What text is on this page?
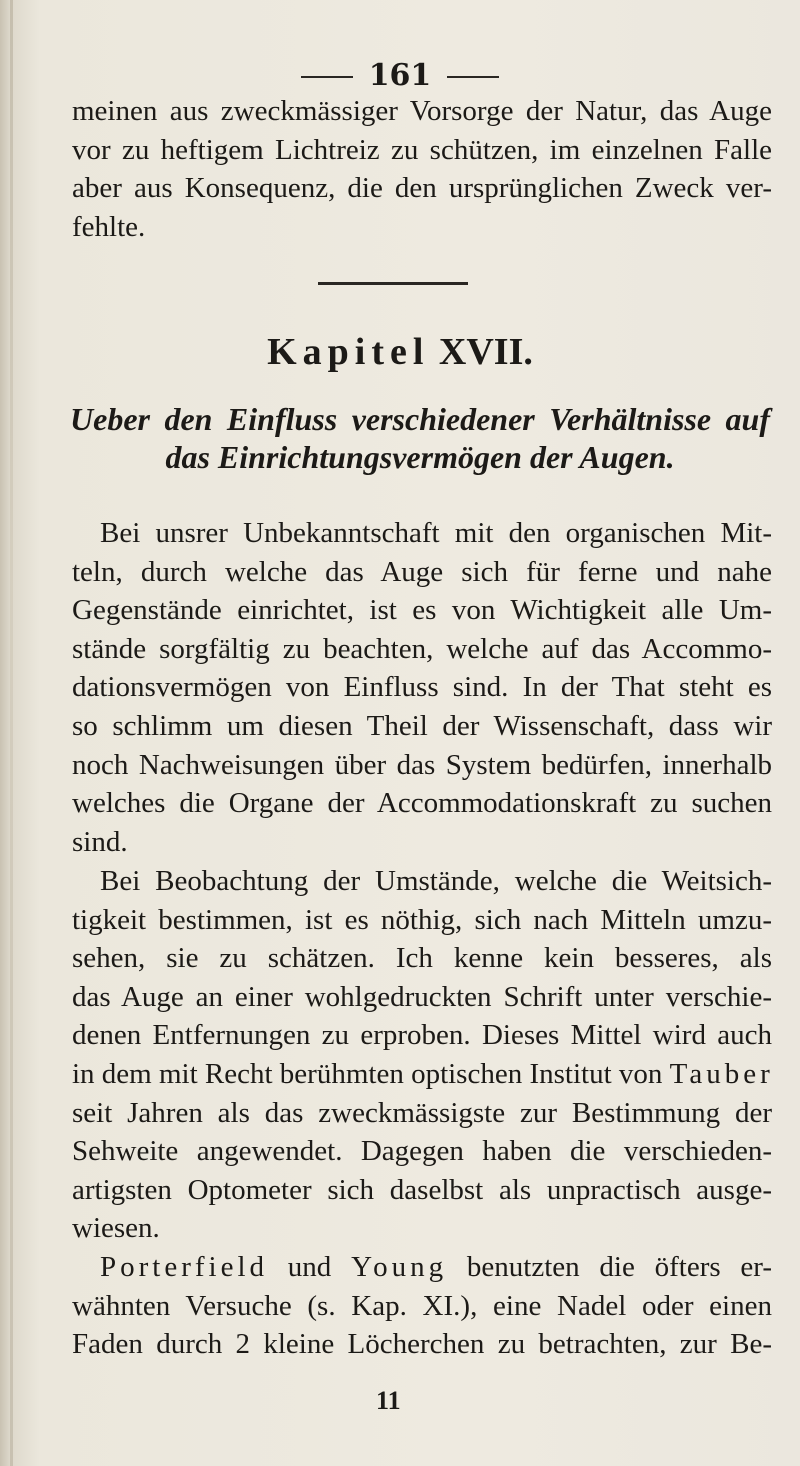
161
meinen aus zweckmässiger Vorsorge der Natur, das Auge
vor zu heftigem Lichtreiz zu schützen, im einzelnen Falle
aber aus Konsequenz, die den ursprünglichen Zweck ver-
fehlte.
Kapitel XVII.
Ueber den Einfluss verschiedener Verhältnisse auf
das Einrichtungsvermögen der Augen.
Bei unsrer Unbekanntschaft mit den organischen Mit-
teln, durch welche das Auge sich für ferne und nahe
Gegenstände einrichtet, ist es von Wichtigkeit alle Um-
stände sorgfältig zu beachten, welche auf das Accommo-
dationsvermögen von Einfluss sind. In der That steht es
so schlimm um diesen Theil der Wissenschaft, dass wir
noch Nachweisungen über das System bedürfen, innerhalb
welches die Organe der Accommodationskraft zu suchen
sind.
Bei Beobachtung der Umstände, welche die Weitsich-
tigkeit bestimmen, ist es nöthig, sich nach Mitteln umzu-
sehen, sie zu schätzen. Ich kenne kein besseres, als
das Auge an einer wohlgedruckten Schrift unter verschie-
denen Entfernungen zu erproben. Dieses Mittel wird auch
in dem mit Recht berühmten optischen Institut von Tauber
seit Jahren als das zweckmässigste zur Bestimmung der
Sehweite angewendet. Dagegen haben die verschieden-
artigsten Optometer sich daselbst als unpractisch ausge-
wiesen.
Porterfield und Young benutzten die öfters er-
wähnten Versuche (s. Kap. XI.), eine Nadel oder einen
Faden durch 2 kleine Löcherchen zu betrachten, zur Be-
11
